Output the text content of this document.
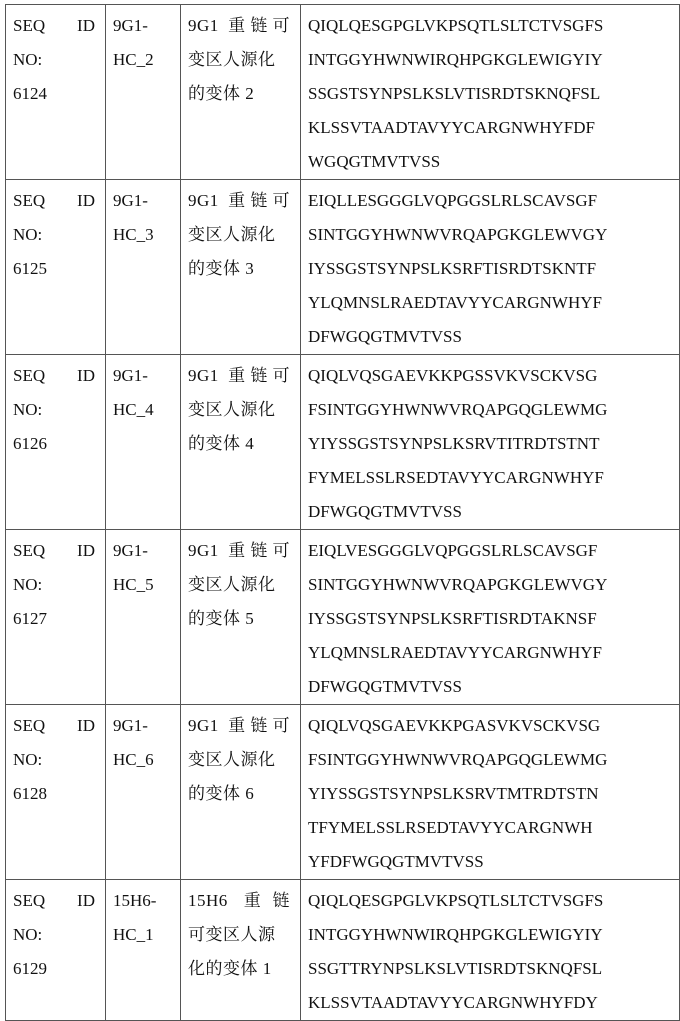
SEQ ID
NO:
6124

9G1-
HC_2

9G1 重链可
变区人源化
的变体 2

QIQLQESGPGLVKPSQTLSLTCTVSGFS
INTGGYHWNWIRQHPGKGLEWIGYIY
SSGSTSYNPSLKSLVTISRDTSKNQFSL
KLSSVTAADTAVYYCARGNWHYFDF
WGQGTMVTVSS

SEQ ID
NO:
6125

9G1-
HC_3

9G1 重链可
变区人源化
的变体 3

EIQLLESGGGLVQPGGSLRLSCAVSGF
SINTGGYHWNWVRQAPGKGLEWVGY
IYSSGSTSYNPSLKSRFTISRDTSKNTF
YLQMNSLRAEDTAVYYCARGNWHYF
DFWGQGTMVTVSS

SEQ ID
NO:
6126

9G1-
HC_4

9G1 重链可
变区人源化
的变体 4

QIQLVQSGAEVKKPGSSVKVSCKVSG
FSINTGGYHWNWVRQAPGQGLEWMG
YIYSSGSTSYNPSLKSRVTITRDTSTNT
FYMELSSLRSEDTAVYYCARGNWHYF
DFWGQGTMVTVSS

SEQ ID
NO:
6127

9G1-
HC_5

9G1 重链可
变区人源化
的变体 5

EIQLVESGGGLVQPGGSLRLSCAVSGF
SINTGGYHWNWVRQAPGKGLEWVGY
IYSSGSTSYNPSLKSRFTISRDTAKNSF
YLQMNSLRAEDTAVYYCARGNWHYF
DFWGQGTMVTVSS

SEQ ID
NO:
6128

9G1-
HC_6

9G1 重链可
变区人源化
的变体 6

QIQLVQSGAEVKKPGASVKVSCKVSG
FSINTGGYHWNWVRQAPGQGLEWMG
YIYSSGSTSYNPSLKSRVTMTRDTSTN
TFYMELSSLRSEDTAVYYCARGNWH
YFDFWGQGTMVTVSS

SEQ ID
NO:
6129

15H6-
HC_1

15H6 重链
可变区人源
化的变体 1

QIQLQESGPGLVKPSQTLSLTCTVSGFS
INTGGYHWNWIRQHPGKGLEWIGYIY
SSGTTRYNPSLKSLVTISRDTSKNQFSL
KLSSVTAADTAVYYCARGNWHYFDY
